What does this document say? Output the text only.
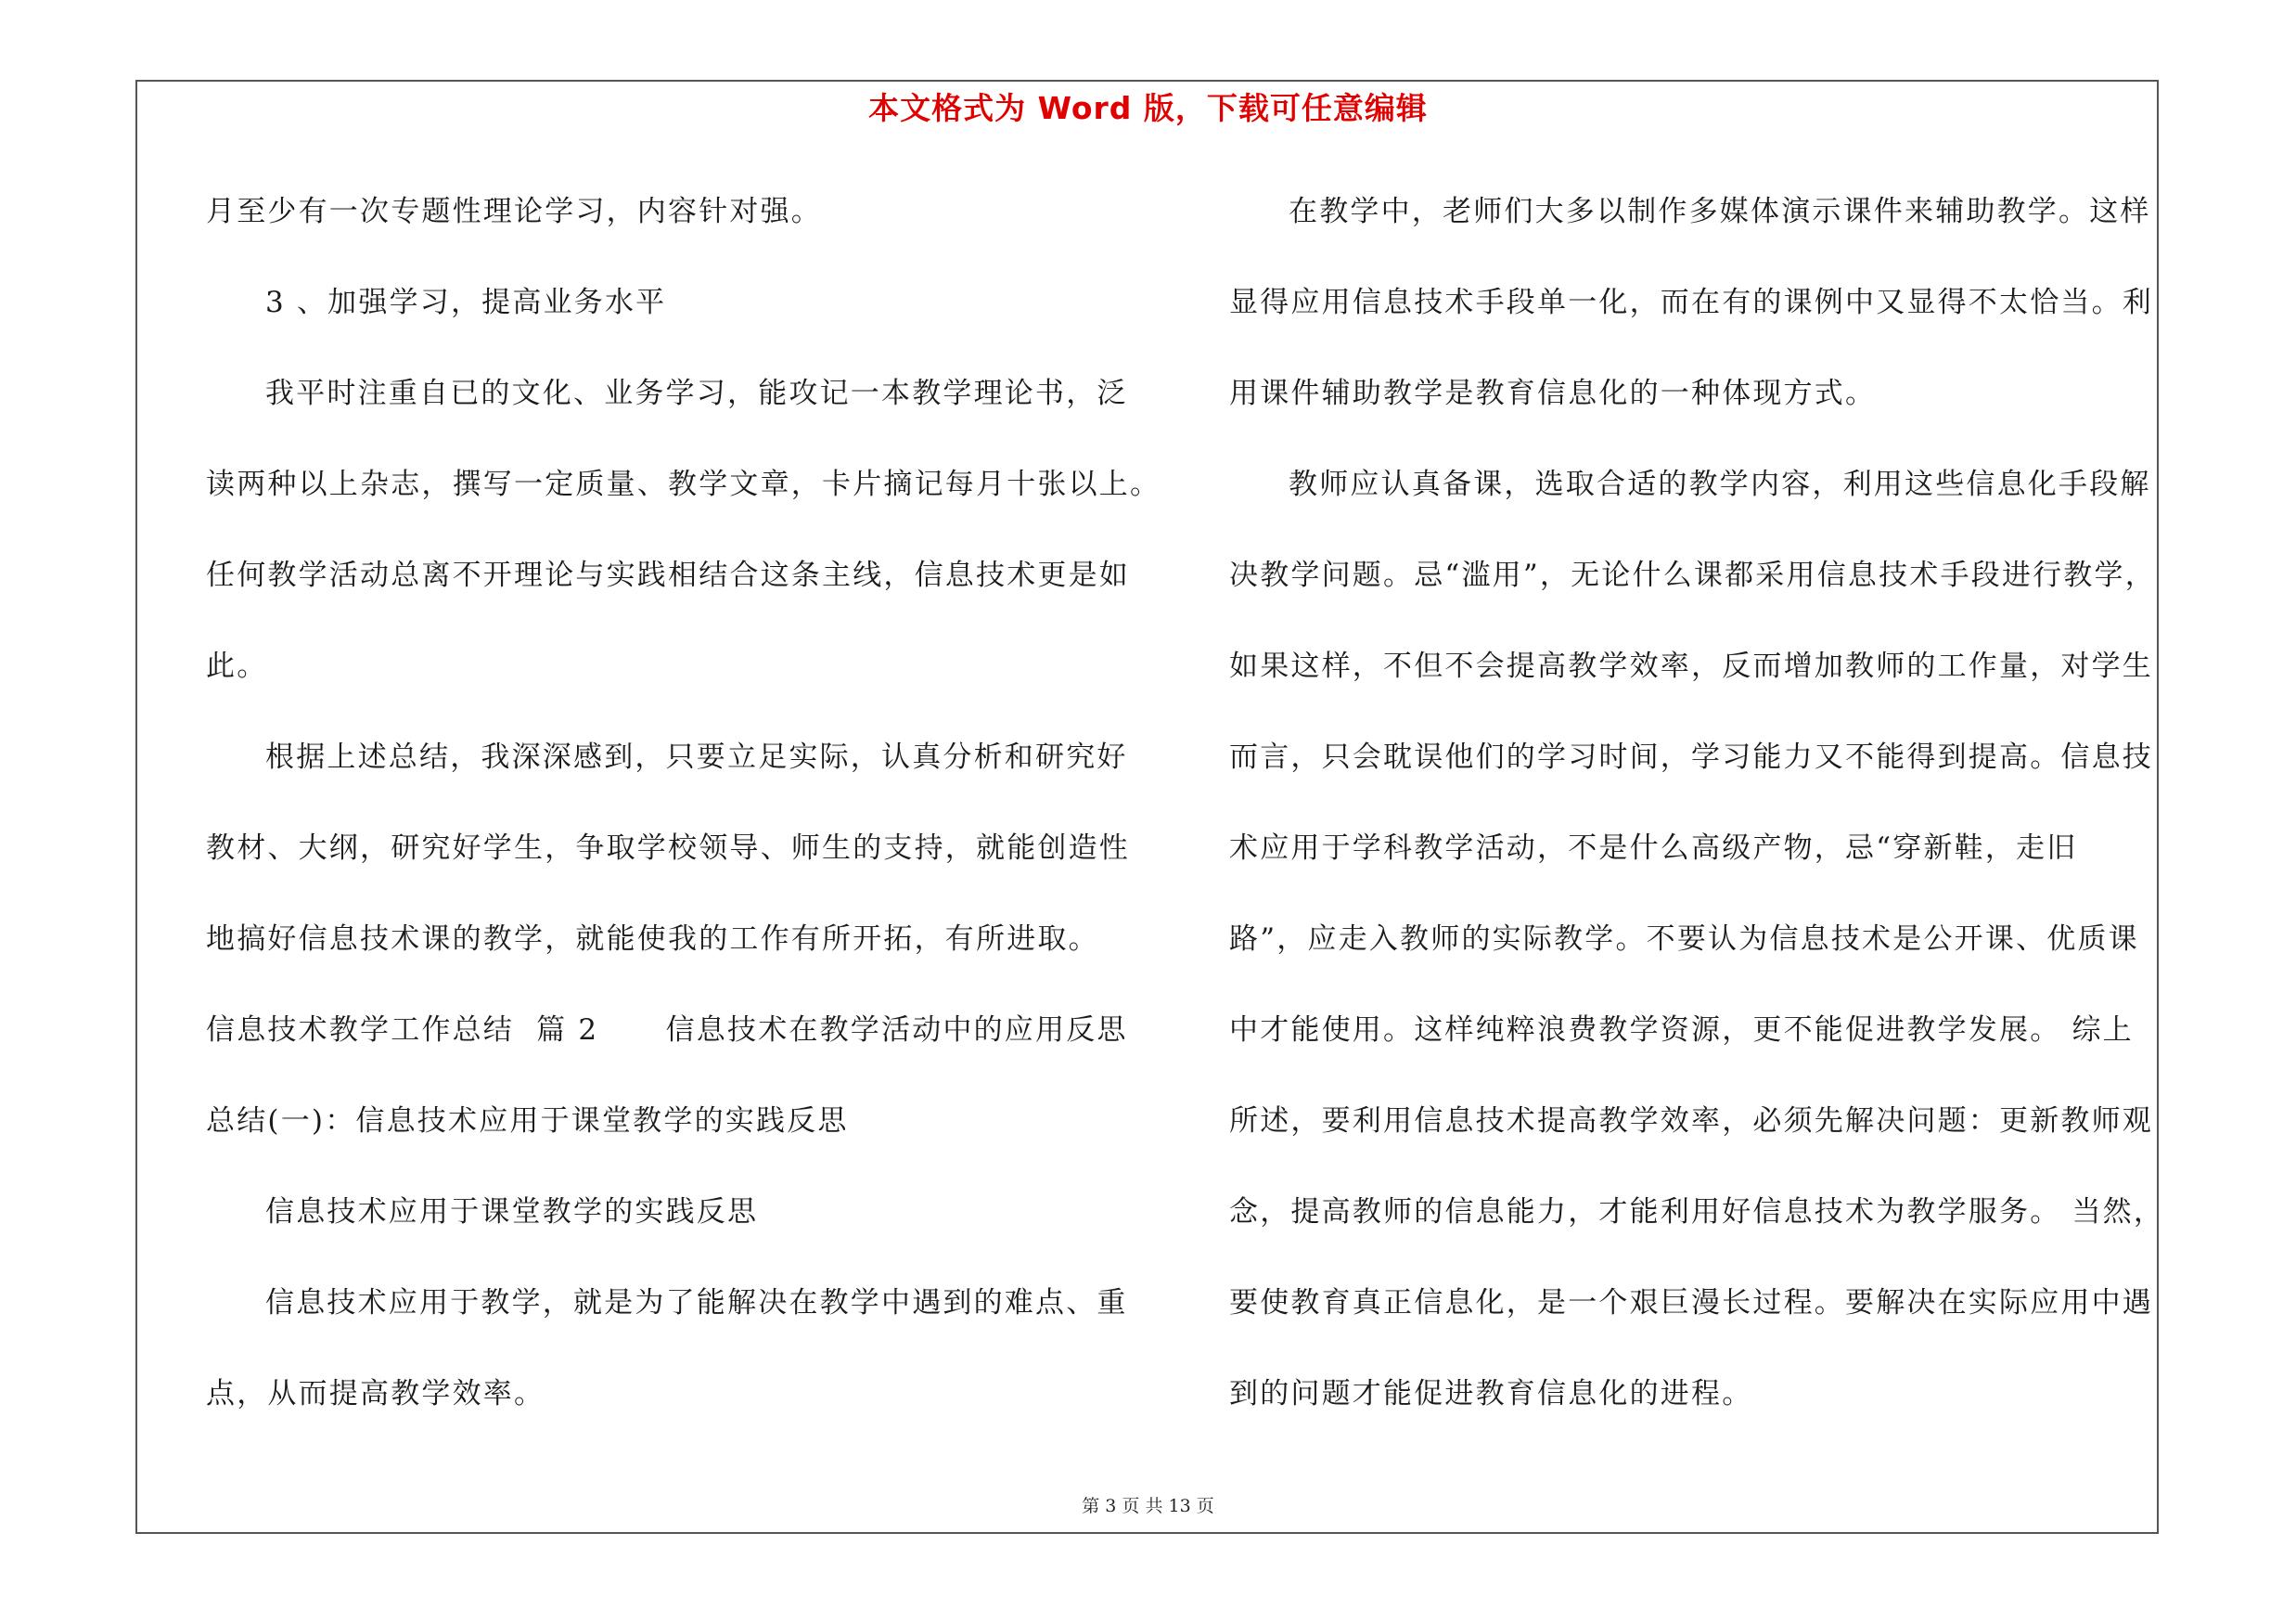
本文格式为 Word 版，下载可任意编辑
月至少有一次专题性理论学习，内容针对强。
3 、加强学习，提高业务水平
我平时注重自已的文化、业务学习，能攻记一本教学理论书，泛
读两种以上杂志，撰写一定质量、教学文章，卡片摘记每月十张以上。
任何教学活动总离不开理论与实践相结合这条主线，信息技术更是如
此。
根据上述总结，我深深感到，只要立足实际，认真分析和研究好
教材、大纲，研究好学生，争取学校领导、师生的支持，就能创造性
地搞好信息技术课的教学，就能使我的工作有所开拓，有所进取。
信息技术教学工作总结  篇 2      信息技术在教学活动中的应用反思
总结(一)：信息技术应用于课堂教学的实践反思
信息技术应用于课堂教学的实践反思
信息技术应用于教学，就是为了能解决在教学中遇到的难点、重
点，从而提高教学效率。
在教学中，老师们大多以制作多媒体演示课件来辅助教学。这样
显得应用信息技术手段单一化，而在有的课例中又显得不太恰当。利
用课件辅助教学是教育信息化的一种体现方式。
教师应认真备课，选取合适的教学内容，利用这些信息化手段解
决教学问题。忌“滥用”，无论什么课都采用信息技术手段进行教学，
如果这样，不但不会提高教学效率，反而增加教师的工作量，对学生
而言，只会耽误他们的学习时间，学习能力又不能得到提高。信息技
术应用于学科教学活动，不是什么高级产物，忌“穿新鞋，走旧
路”，应走入教师的实际教学。不要认为信息技术是公开课、优质课
中才能使用。这样纯粹浪费教学资源，更不能促进教学发展。 综上
所述，要利用信息技术提高教学效率，必须先解决问题：更新教师观
念，提高教师的信息能力，才能利用好信息技术为教学服务。 当然，
要使教育真正信息化，是一个艰巨漫长过程。要解决在实际应用中遇
到的问题才能促进教育信息化的进程。
第 3 页 共 13 页
